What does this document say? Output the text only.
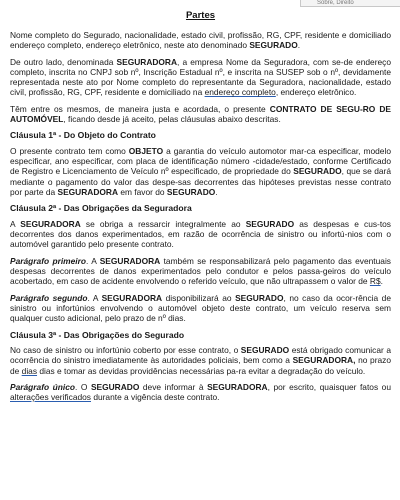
Sobre, Direito
Partes

Nome completo do Segurado, nacionalidade, estado civil, profissão, RG, CPF, residente e domiciliado endereço completo, endereço eletrônico, neste ato denominado SEGURADO.

De outro lado, denominada SEGURADORA, a empresa Nome da Seguradora, com se-de endereço completo, inscrita no CNPJ sob nº, Inscrição Estadual nº, e inscrita na SUSEP sob o nº, devidamente representada neste ato por Nome completo do representante da Seguradora, nacionalidade, estado civil, profissão, RG, CPF, residente e domiciliado na endereço completo, endereço eletrônico.

Têm entre os mesmos, de maneira justa e acordada, o presente CONTRATO DE SEGU-RO DE AUTOMÓVEL, ficando desde já aceito, pelas cláusulas abaixo descritas.

Cláusula 1ª - Do Objeto do Contrato

O presente contrato tem como OBJETO a garantia do veículo automotor mar-ca especificar, modelo especificar, ano especificar, com placa de identificação número -cidade/estado, conforme Certificado de Registro e Licenciamento de Veículo nº especificado, de propriedade do SEGURADO, que se dará mediante o pagamento do valor das despe-sas decorrentes das hipóteses previstas nesse contrato por parte da SEGURADORA em favor do SEGURADO.

Cláusula 2ª - Das Obrigações da Seguradora

A SEGURADORA se obriga a ressarcir integralmente ao SEGURADO as despesas e cus-tos decorrentes dos danos experimentados, em razão de ocorrência de sinistro ou infortú-nios com o automóvel garantido pelo presente contrato.

Parágrafo primeiro. A SEGURADORA também se responsabilizará pelo pagamento das eventuais despesas decorrentes de danos experimentados pelo condutor e pelos passa-geiros do veículo acobertado, em caso de acidente envolvendo o referido veículo, que não ultrapassem o valor de R$.

Parágrafo segundo. A SEGURADORA disponibilizará ao SEGURADO, no caso da ocor-rência de sinistro ou infortúnios envolvendo o automóvel objeto deste contrato, um veículo reserva sem qualquer custo adicional, pelo prazo de nº dias.

Cláusula 3ª - Das Obrigações do Segurado

No caso de sinistro ou infortúnio coberto por esse contrato, o SEGURADO está obrigado comunicar a ocorrência do sinistro imediatamente às autoridades policiais, bem como a SEGURADORA, no prazo de dias dias e tomar as devidas providências necessárias pa-ra evitar a degradação do veículo.

Parágrafo único. O SEGURADO deve informar à SEGURADORA, por escrito, quaisquer fatos ou alterações verificados durante a vigência deste contrato.
